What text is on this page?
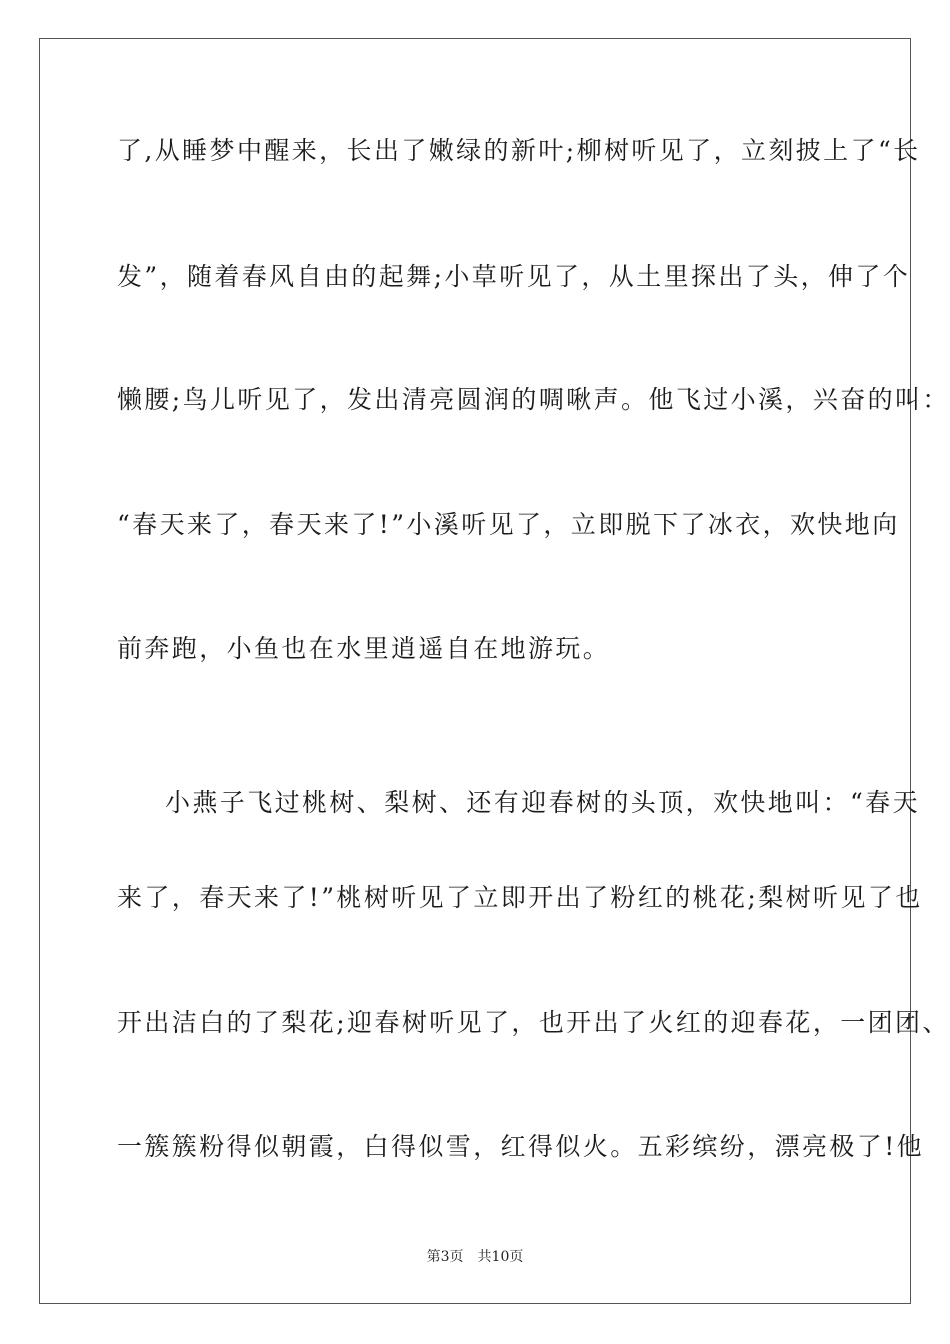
了,从睡梦中醒来，长出了嫩绿的新叶;柳树听见了，立刻披上了“长
发”，随着春风自由的起舞;小草听见了，从土里探出了头，伸了个
懒腰;鸟儿听见了，发出清亮圆润的啁啾声。他飞过小溪，兴奋的叫：
“春天来了，春天来了!”小溪听见了，立即脱下了冰衣，欢快地向
前奔跑，小鱼也在水里逍遥自在地游玩。
小燕子飞过桃树、梨树、还有迎春树的头顶，欢快地叫：“春天
来了，春天来了!”桃树听见了立即开出了粉红的桃花;梨树听见了也
开出洁白的了梨花;迎春树听见了，也开出了火红的迎春花，一团团、
一簇簇粉得似朝霞，白得似雪，红得似火。五彩缤纷，漂亮极了!他
第3页 共10页
